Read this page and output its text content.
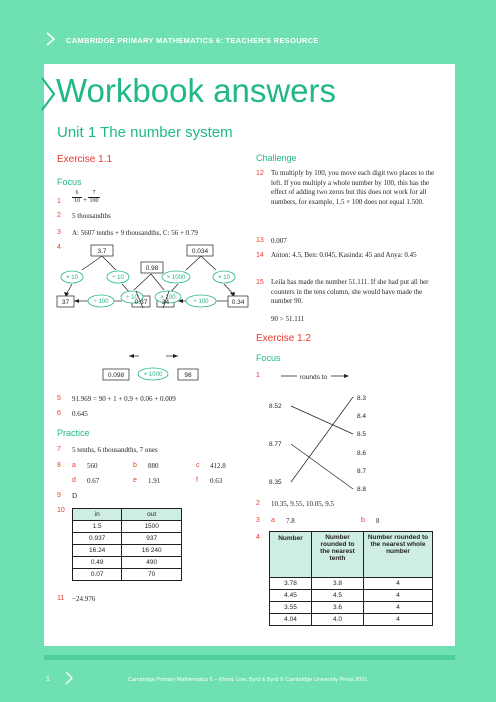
CAMBRIDGE PRIMARY MATHEMATICS 6: TEACHER'S RESOURCE
Workbook answers
Unit 1 The number system
Exercise 1.1
Focus
$1 \frac{6}{10} + \frac{7}{100}$
2 5 thousandths
3 A: 5607 tenths + 9 thousandths, C: 56 + 0.79
4
3.7
37	0.37
0.034
34	0.34
0.98
0.098	98
× 10	÷ 10
÷ 100
× 1000	× 10
÷ 100
÷ 10	× 100
× 1000
5 91.969 = 90 + 1 + 0.9 + 0.06 + 0.009
6 0.645
Practice
7 5 tenths, 6 thousandths, 7 ones
8 a 560	b 880	c 412.8
d 0.67	e 1.91	f 0.63
9 D
10
in	out
1.5	1500
0.937	937
16.24	16 240
0.49	490
0.07	70
11 −24.976
Challenge
12 To multiply by 100, you move each digit two places to the left. If you multiply a whole number by 100, this has the effect of adding two zeros but this does not work for all numbers, for example, 1.5 × 100 does not equal 1.500.
13 0.007
14 Anton: 4.5, Ben: 0.045, Kasinda: 45 and Anya: 0.45
15 Leila has made the number 51.111. If she had put all her counters in the tens column, she would have made the number 90.
90 > 51.111
Exercise 1.2
Focus
1	rounds to
8.52
8.77
8.35
8.3
8.4
8.5
8.6
8.7
8.8
2 10.35, 9.55, 10.05, 9.5
3 a 7.8	b 8
4	Number	Number rounded to the nearest tenth	Number rounded to the nearest whole number
3.78	3.8	4
4.45	4.5	4
3.55	3.6	4
4.04	4.0	4
1	Cambridge Primary Mathematics 6 – Wood, Low, Byrd & Byrd © Cambridge University Press 2021
